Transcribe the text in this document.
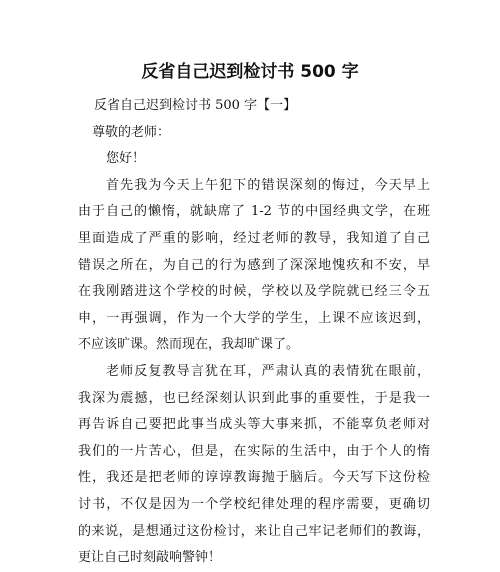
反省自己迟到检讨书 500 字
反省自己迟到检讨书 500 字【一】
尊敬的老师：
您好！
首先我为今天上午犯下的错误深刻的悔过，今天早上
由于自己的懒惰，就缺席了 1-2 节的中国经典文学，在班
里面造成了严重的影响，经过老师的教导，我知道了自己
错误之所在，为自己的行为感到了深深地愧疚和不安，早
在我刚踏进这个学校的时候，学校以及学院就已经三令五
申，一再强调，作为一个大学的学生，上课不应该迟到，
不应该旷课。然而现在，我却旷课了。
老师反复教导言犹在耳，严肃认真的表情犹在眼前，
我深为震撼，也已经深刻认识到此事的重要性，于是我一
再告诉自己要把此事当成头等大事来抓，不能辜负老师对
我们的一片苦心，但是，在实际的生活中，由于个人的惰
性，我还是把老师的谆谆教诲抛于脑后。今天写下这份检
讨书，不仅是因为一个学校纪律处理的程序需要，更确切
的来说，是想通过这份检讨，来让自己牢记老师们的教诲，
更让自己时刻敲响警钟！
